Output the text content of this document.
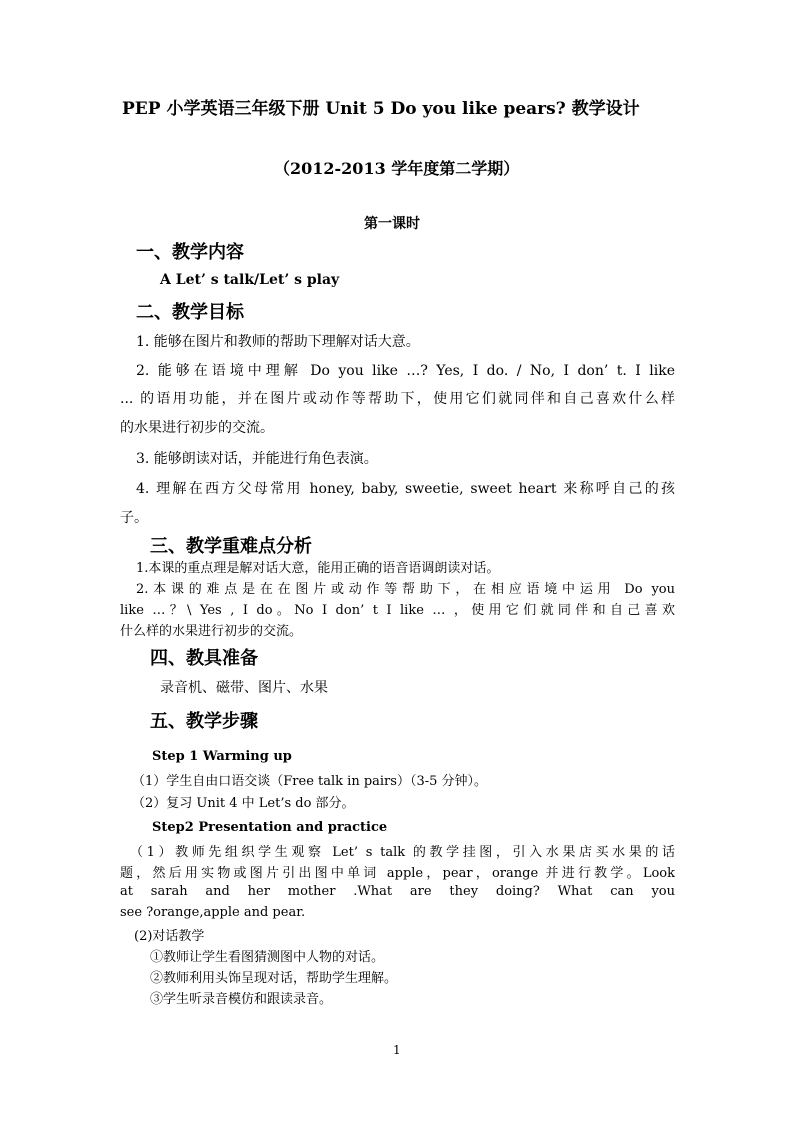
PEP 小学英语三年级下册 Unit 5 Do you like pears? 教学设计
（2012-2013 学年度第二学期）
第一课时
一、教学内容
A Let’ s talk/Let’ s play
二、教学目标
1. 能够在图片和教师的帮助下理解对话大意。
2. 能够在语境中理解 Do you like …? Yes, I do. / No, I don’ t. I like
... 的语用功能，并在图片或动作等帮助下，使用它们就同伴和自己喜欢什么样
的水果进行初步的交流。
3. 能够朗读对话，并能进行角色表演。
4. 理解在西方父母常用 honey, baby, sweetie, sweet heart 来称呼自己的孩
子。
三、教学重难点分析
1.本课的重点理是解对话大意，能用正确的语音语调朗读对话。
2.本课的难点是在在图片或动作等帮助下，在相应语境中运用 Do you
like …？\ Yes , I do。No I don’ t I like … ，使用它们就同伴和自己喜欢
什么样的水果进行初步的交流。
四、教具准备
录音机、磁带、图片、水果
五、教学步骤
Step 1 Warming up
（1）学生自由口语交谈（Free talk in pairs）（3-5 分钟）。
（2）复习 Unit 4 中 Let’s do 部分。
Step2 Presentation and practice
（1）教师先组织学生观察 Let’ s talk 的教学挂图，引入水果店买水果的话
题，然后用实物或图片引出图中单词 apple，pear，orange 并进行教学。Look
at sarah and her mother .What are they doing? What can you
see ?orange,apple and pear.
(2)对话教学
①教师让学生看图猜测图中人物的对话。
②教师利用头饰呈现对话，帮助学生理解。
③学生听录音模仿和跟读录音。
1
